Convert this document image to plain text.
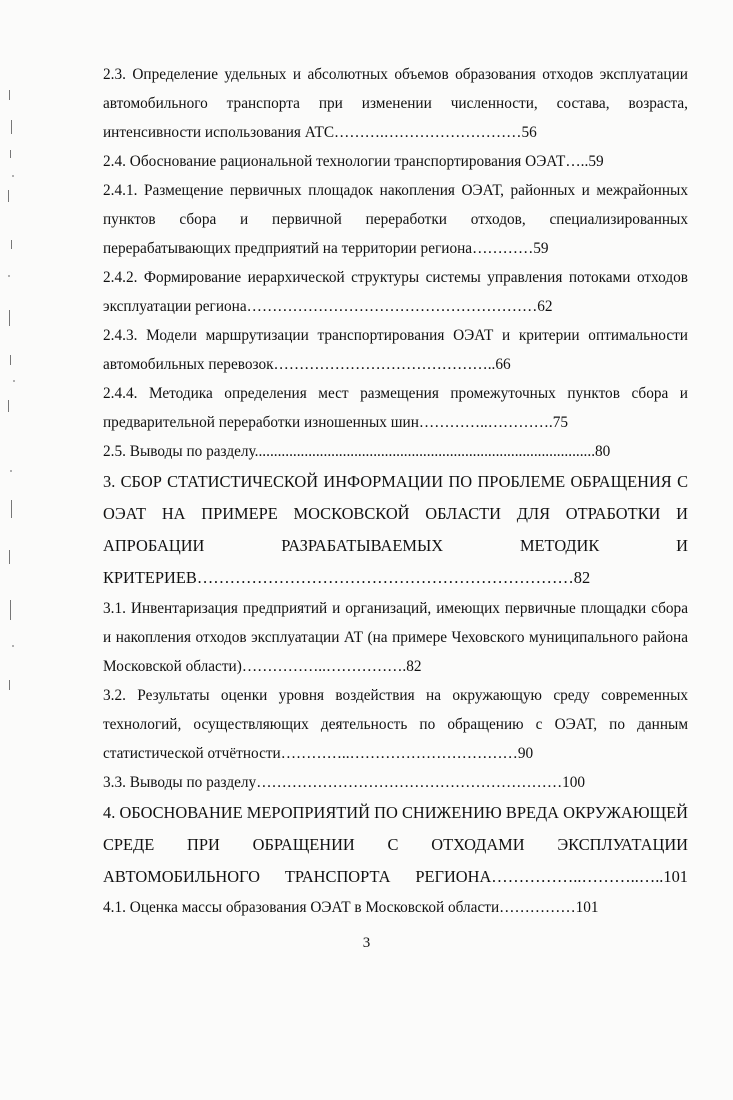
2.3. Определение удельных и абсолютных объемов образования отходов эксплуатации автомобильного транспорта при изменении численности, состава, возраста, интенсивности использования АТС……….………………………56

2.4. Обоснование рациональной технологии транспортирования ОЭАТ…..59

2.4.1. Размещение первичных площадок накопления ОЭАТ, районных и межрайонных пунктов сбора и первичной переработки отходов, специализированных перерабатывающих предприятий на территории региона…………59

2.4.2. Формирование иерархической структуры системы управления потоками отходов эксплуатации региона…………………………………………………62

2.4.3. Модели маршрутизации транспортирования ОЭАТ и критерии оптимальности автомобильных перевозок……………………………………..66

2.4.4. Методика определения мест размещения промежуточных пунктов сбора и предварительной переработки изношенных шин…………..………….75

2.5. Выводы по разделу.........................................................................................80

3. СБОР СТАТИСТИЧЕСКОЙ ИНФОРМАЦИИ ПО ПРОБЛЕМЕ ОБРАЩЕНИЯ С ОЭАТ НА ПРИМЕРЕ МОСКОВСКОЙ ОБЛАСТИ ДЛЯ ОТРАБОТКИ И АПРОБАЦИИ РАЗРАБАТЫВАЕМЫХ МЕТОДИК И КРИТЕРИЕВ……………………………………………………………82

3.1. Инвентаризация предприятий и организаций, имеющих первичные площадки сбора и накопления отходов эксплуатации АТ (на примере Чеховского муниципального района Московской области)……………..…………….82

3.2. Результаты оценки уровня воздействия на окружающую среду современных технологий, осуществляющих деятельность по обращению с ОЭАТ, по данным статистической отчётности…………..……………………………90

3.3. Выводы по разделу……………………………………………………100

4. ОБОСНОВАНИЕ МЕРОПРИЯТИЙ ПО СНИЖЕНИЮ ВРЕДА ОКРУЖАЮЩЕЙ СРЕДЕ ПРИ ОБРАЩЕНИИ С ОТХОДАМИ ЭКСПЛУАТАЦИИ АВТОМОБИЛЬНОГО ТРАНСПОРТА РЕГИОНА……………..………..…..101

4.1. Оценка массы образования ОЭАТ в Московской области……………101

3
